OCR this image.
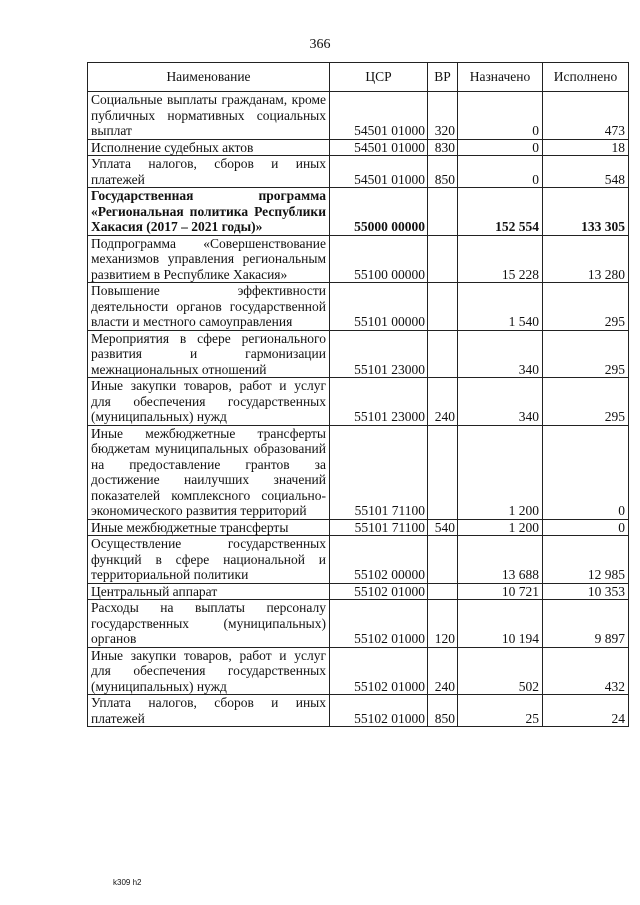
366
Наименование	ЦСР	ВР	Назначено	Исполнено
Социальные выплаты гражданам, кроме публичных нормативных социальных выплат	54501 01000	320	0	473
Исполнение судебных актов	54501 01000	830	0	18
Уплата налогов, сборов и иных платежей	54501 01000	850	0	548
Государственная программа «Региональная политика Республики Хакасия (2017 – 2021 годы)»	55000 00000		152 554	133 305
Подпрограмма «Совершенствование механизмов управления региональным развитием в Республике Хакасия»	55100 00000		15 228	13 280
Повышение эффективности деятельности органов государственной власти и местного самоуправления	55101 00000		1 540	295
Мероприятия в сфере регионального развития и гармонизации межнациональных отношений	55101 23000		340	295
Иные закупки товаров, работ и услуг для обеспечения государственных (муниципальных) нужд	55101 23000	240	340	295
Иные межбюджетные трансферты бюджетам муниципальных образований на предоставление грантов за достижение наилучших значений показателей комплексного социально-экономического развития территорий	55101 71100		1 200	0
Иные межбюджетные трансферты	55101 71100	540	1 200	0
Осуществление государственных функций в сфере национальной и территориальной политики	55102 00000		13 688	12 985
Центральный аппарат	55102 01000		10 721	10 353
Расходы на выплаты персоналу государственных (муниципальных) органов	55102 01000	120	10 194	9 897
Иные закупки товаров, работ и услуг для обеспечения государственных (муниципальных) нужд	55102 01000	240	502	432
Уплата налогов, сборов и иных платежей	55102 01000	850	25	24
k309 h2
